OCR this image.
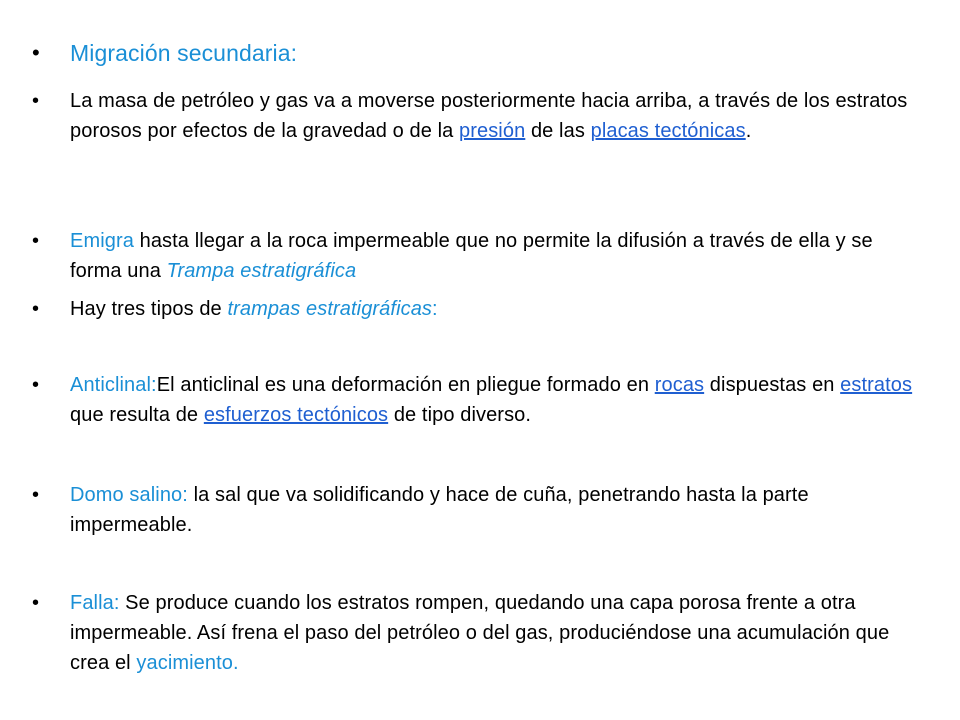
• Migración secundaria:
• La masa de petróleo y gas va a moverse posteriormente hacia arriba, a través de los estratos porosos por efectos de la gravedad o de la presión de las placas tectónicas.
• Emigra hasta llegar a la roca impermeable que no permite la difusión a través de ella y se forma una Trampa estratigráfica
• Hay tres tipos de trampas estratigráficas:
• Anticlinal:El anticlinal es una deformación en pliegue formado en rocas dispuestas en estratos que resulta de esfuerzos tectónicos de tipo diverso.
• Domo salino: la sal que va solidificando y hace de cuña, penetrando hasta la parte impermeable.
• Falla: Se produce cuando los estratos rompen, quedando una capa porosa frente a otra impermeable. Así frena el paso del petróleo o del gas, produciéndose una acumulación que crea el yacimiento.
